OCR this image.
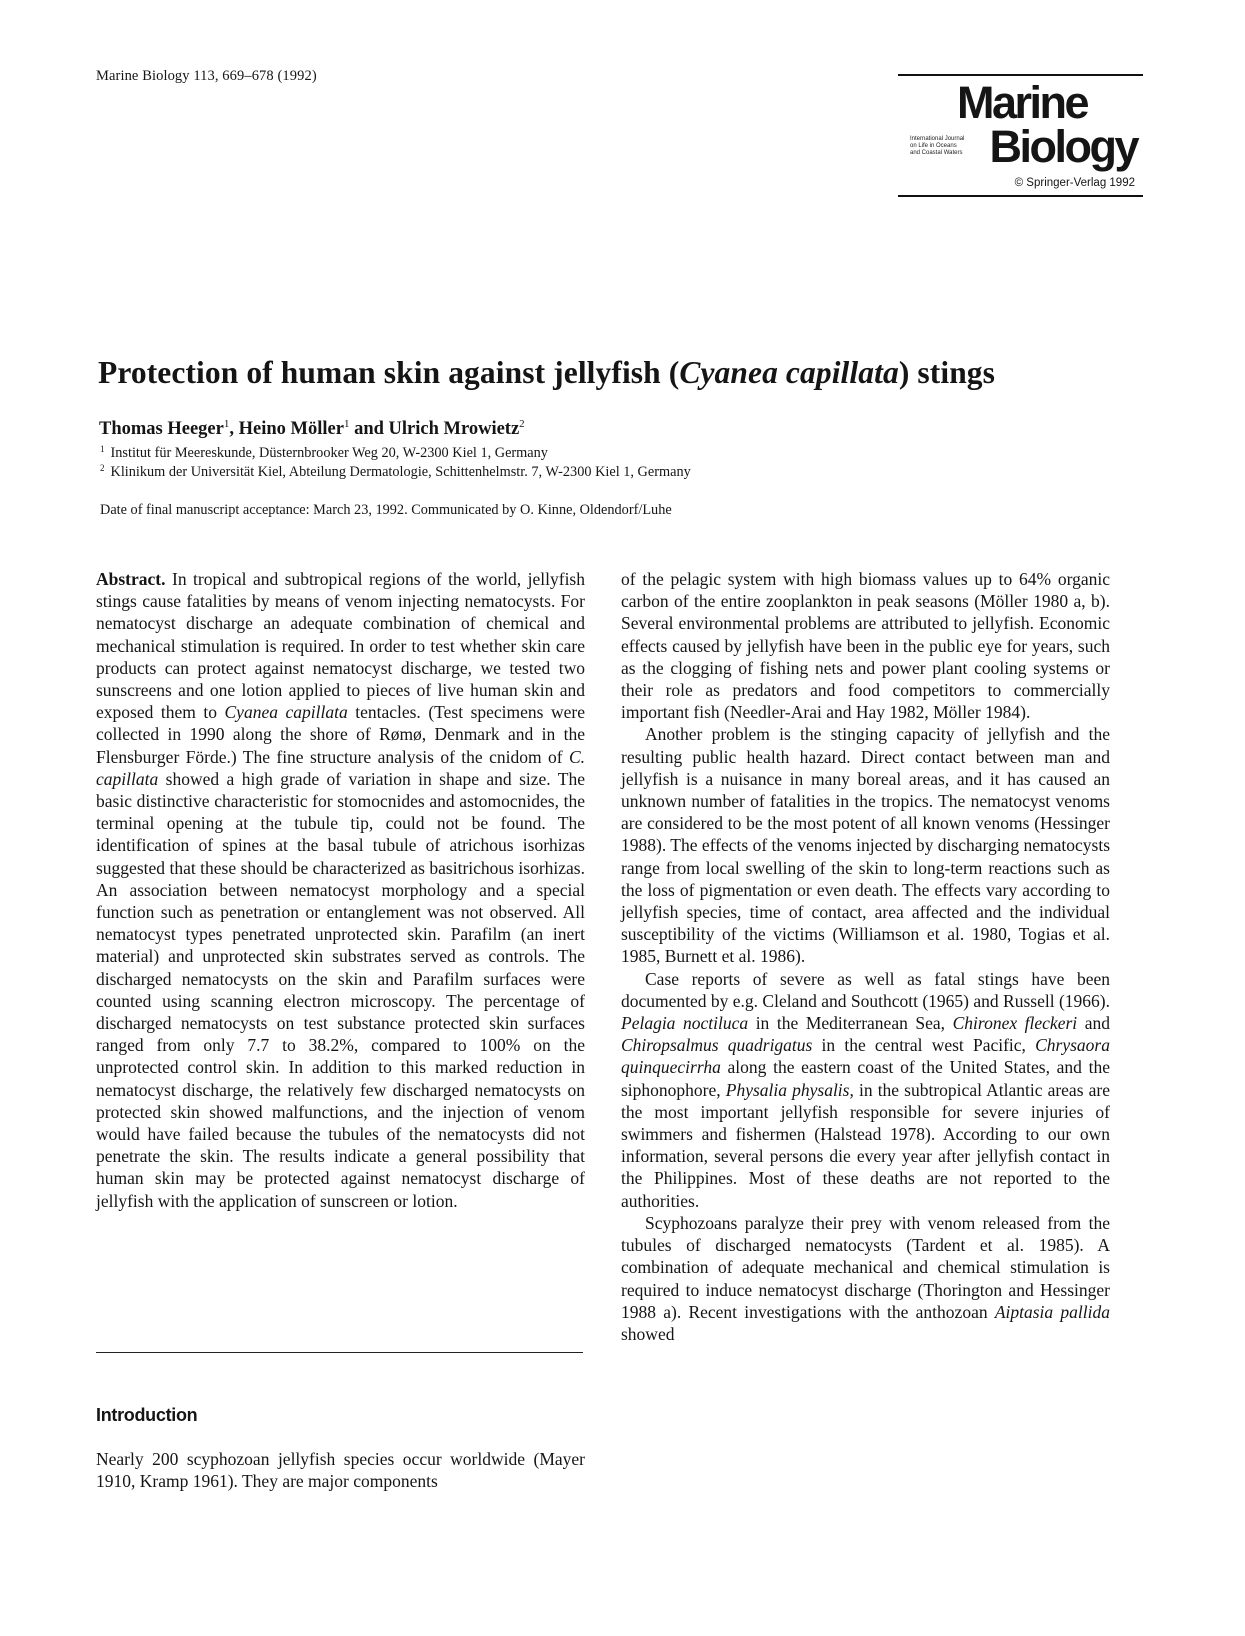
Marine Biology 113, 669–678 (1992)
Marine
International Journal
on Life in Oceans
and Coastal Waters Biology
© Springer-Verlag 1992
Protection of human skin against jellyfish (Cyanea capillata) stings
Thomas Heeger$^1$, Heino Möller$^1$ and Ulrich Mrowietz$^2$
$^1$ Institut für Meereskunde, Düsternbrooker Weg 20, W-2300 Kiel 1, Germany
$^2$ Klinikum der Universität Kiel, Abteilung Dermatologie, Schittenhelmstr. 7, W-2300 Kiel 1, Germany
Date of final manuscript acceptance: March 23, 1992. Communicated by O. Kinne, Oldendorf/Luhe

Abstract. In tropical and subtropical regions of the world, jellyfish stings cause fatalities by means of venom injecting nematocysts. For nematocyst discharge an adequate combination of chemical and mechanical stimulation is required. In order to test whether skin care products can protect against nematocyst discharge, we tested two sunscreens and one lotion applied to pieces of live human skin and exposed them to Cyanea capillata tentacles. (Test specimens were collected in 1990 along the shore of Rømø, Denmark and in the Flensburger Förde.) The fine structure analysis of the cnidom of C. capillata showed a high grade of variation in shape and size. The basic distinctive characteristic for stomocnides and astomocnides, the terminal opening at the tubule tip, could not be found. The identification of spines at the basal tubule of atrichous isorhizas suggested that these should be characterized as basitrichous isorhizas. An association between nematocyst morphology and a special function such as penetration or entanglement was not observed. All nematocyst types penetrated unprotected skin. Parafilm (an inert material) and unprotected skin substrates served as controls. The discharged nematocysts on the skin and Parafilm surfaces were counted using scanning electron microscopy. The percentage of discharged nematocysts on test substance protected skin surfaces ranged from only 7.7 to 38.2%, compared to 100% on the unprotected control skin. In addition to this marked reduction in nematocyst discharge, the relatively few discharged nematocysts on protected skin showed malfunctions, and the injection of venom would have failed because the tubules of the nematocysts did not penetrate the skin. The results indicate a general possibility that human skin may be protected against nematocyst discharge of jellyfish with the application of sunscreen or lotion.

Introduction
Nearly 200 scyphozoan jellyfish species occur worldwide (Mayer 1910, Kramp 1961). They are major components

of the pelagic system with high biomass values up to 64% organic carbon of the entire zooplankton in peak seasons (Möller 1980 a, b). Several environmental problems are attributed to jellyfish. Economic effects caused by jellyfish have been in the public eye for years, such as the clogging of fishing nets and power plant cooling systems or their role as predators and food competitors to commercially important fish (Needler-Arai and Hay 1982, Möller 1984).

Another problem is the stinging capacity of jellyfish and the resulting public health hazard. Direct contact between man and jellyfish is a nuisance in many boreal areas, and it has caused an unknown number of fatalities in the tropics. The nematocyst venoms are considered to be the most potent of all known venoms (Hessinger 1988). The effects of the venoms injected by discharging nematocysts range from local swelling of the skin to long-term reactions such as the loss of pigmentation or even death. The effects vary according to jellyfish species, time of contact, area affected and the individual susceptibility of the victims (Williamson et al. 1980, Togias et al. 1985, Burnett et al. 1986).

Case reports of severe as well as fatal stings have been documented by e.g. Cleland and Southcott (1965) and Russell (1966). Pelagia noctiluca in the Mediterranean Sea, Chironex fleckeri and Chiropsalmus quadrigatus in the central west Pacific, Chrysaora quinquecirrha along the eastern coast of the United States, and the siphonophore, Physalia physalis, in the subtropical Atlantic areas are the most important jellyfish responsible for severe injuries of swimmers and fishermen (Halstead 1978). According to our own information, several persons die every year after jellyfish contact in the Philippines. Most of these deaths are not reported to the authorities.

Scyphozoans paralyze their prey with venom released from the tubules of discharged nematocysts (Tardent et al. 1985). A combination of adequate mechanical and chemical stimulation is required to induce nematocyst discharge (Thorington and Hessinger 1988 a). Recent investigations with the anthozoan Aiptasia pallida showed
